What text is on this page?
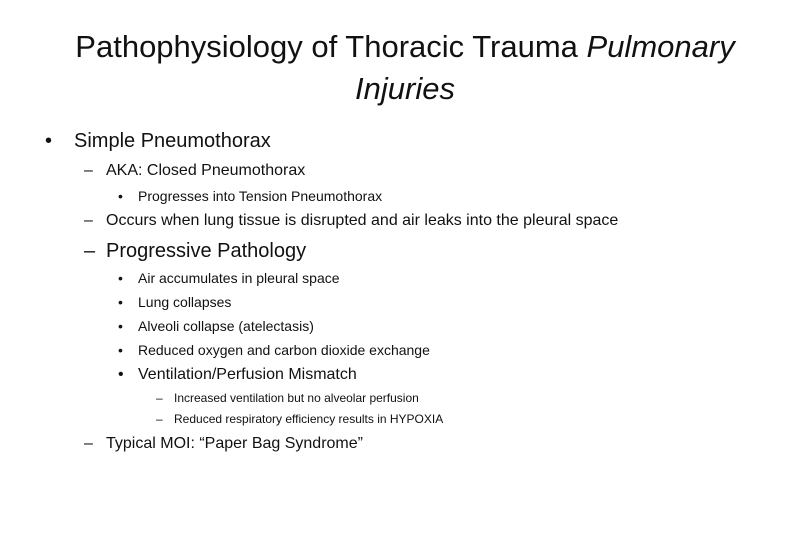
Pathophysiology of Thoracic Trauma Pulmonary Injuries
• Simple Pneumothorax
– AKA: Closed Pneumothorax
• Progresses into Tension Pneumothorax
– Occurs when lung tissue is disrupted and air leaks into the pleural space
– Progressive Pathology
• Air accumulates in pleural space
• Lung collapses
• Alveoli collapse (atelectasis)
• Reduced oxygen and carbon dioxide exchange
• Ventilation/Perfusion Mismatch
– Increased ventilation but no alveolar perfusion
– Reduced respiratory efficiency results in HYPOXIA
– Typical MOI: “Paper Bag Syndrome”
